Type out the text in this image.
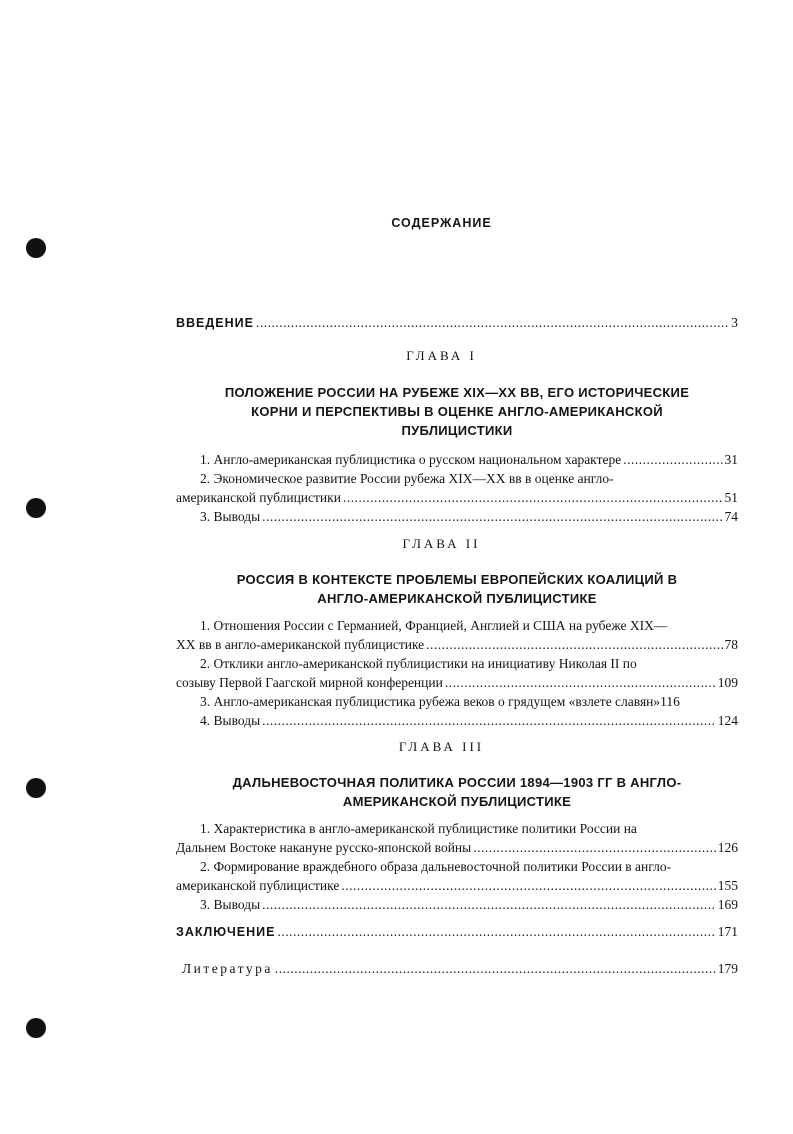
СОДЕРЖАНИЕ
ВВЕДЕНИЕ .....	3
ГЛАВА I
ПОЛОЖЕНИЕ РОССИИ НА РУБЕЖЕ XIX—XX ВВ, ЕГО ИСТОРИЧЕСКИЕ
КОРНИ И ПЕРСПЕКТИВЫ В ОЦЕНКЕ АНГЛО-АМЕРИКАНСКОЙ
ПУБЛИЦИСТИКИ
1. Англо-американская публицистика о русском национальном характере .....	31
2. Экономическое развитие России рубежа XIX—XX вв в оценке англо-
американской публицистики .....	51
3. Выводы .....	74
ГЛАВА II
РОССИЯ В КОНТЕКСТЕ ПРОБЛЕМЫ ЕВРОПЕЙСКИХ КОАЛИЦИЙ В
АНГЛО-АМЕРИКАНСКОЙ ПУБЛИЦИСТИКЕ
1. Отношения России с Германией, Францией, Англией и США на рубеже XIX—
XX вв в англо-американской публицистике .....	78
2. Отклики англо-американской публицистики на инициативу Николая II по
созыву Первой Гаагской мирной конференции .....	109
3. Англо-американская публицистика рубежа веков о грядущем «взлете славян»116
4. Выводы .....	124
ГЛАВА III
ДАЛЬНЕВОСТОЧНАЯ ПОЛИТИКА РОССИИ 1894—1903 ГГ В АНГЛО-
АМЕРИКАНСКОЙ ПУБЛИЦИСТИКЕ
1. Характеристика в англо-американской публицистике политики России на
Дальнем Востоке накануне русско-японской войны .....	126
2. Формирование враждебного образа дальневосточной политики России в англо-
американской публицистике .....	155
3. Выводы .....	169
ЗАКЛЮЧЕНИЕ .....	171
Литература .....	179
